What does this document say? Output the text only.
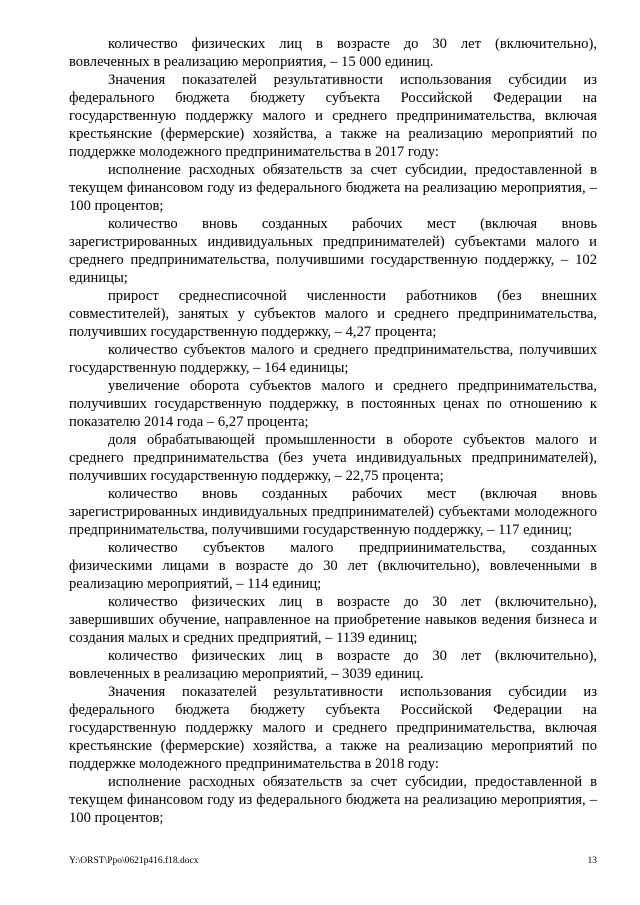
количество физических лиц в возрасте до 30 лет (включительно), вовлеченных в реализацию мероприятия, – 15 000 единиц.

Значения показателей результативности использования субсидии из федерального бюджета бюджету субъекта Российской Федерации на государственную поддержку малого и среднего предпринимательства, включая крестьянские (фермерские) хозяйства, а также на реализацию мероприятий по поддержке молодежного предпринимательства в 2017 году:

исполнение расходных обязательств за счет субсидии, предоставленной в текущем финансовом году из федерального бюджета на реализацию мероприятия, – 100 процентов;

количество вновь созданных рабочих мест (включая вновь зарегистрированных индивидуальных предпринимателей) субъектами малого и среднего предпринимательства, получившими государственную поддержку, – 102 единицы;

прирост среднесписочной численности работников (без внешних совместителей), занятых у субъектов малого и среднего предпринимательства, получивших государственную поддержку, – 4,27 процента;

количество субъектов малого и среднего предпринимательства, получивших государственную поддержку, – 164 единицы;

увеличение оборота субъектов малого и среднего предпринимательства, получивших государственную поддержку, в постоянных ценах по отношению к показателю 2014 года – 6,27 процента;

доля обрабатывающей промышленности в обороте субъектов малого и среднего предпринимательства (без учета индивидуальных предпринимателей), получивших государственную поддержку, – 22,75 процента;

количество вновь созданных рабочих мест (включая вновь зарегистрированных индивидуальных предпринимателей) субъектами молодежного предпринимательства, получившими государственную поддержку, – 117 единиц;

количество субъектов малого предприинимательства, созданных физическими лицами в возрасте до 30 лет (включительно), вовлеченными в реализацию мероприятий, – 114 единиц;

количество физических лиц в возрасте до 30 лет (включительно), завершивших обучение, направленное на приобретение навыков ведения бизнеса и создания малых и средних предприятий, – 1139 единиц;

количество физических лиц в возрасте до 30 лет (включительно), вовлеченных в реализацию мероприятий, – 3039 единиц.

Значения показателей результативности использования субсидии из федерального бюджета бюджету субъекта Российской Федерации на государственную поддержку малого и среднего предпринимательства, включая крестьянские (фермерские) хозяйства, а также на реализацию мероприятий по поддержке молодежного предпринимательства в 2018 году:

исполнение расходных обязательств за счет субсидии, предоставленной в текущем финансовом году из федерального бюджета на реализацию мероприятия, – 100 процентов;

Y:\ORST\Ppo\0621p416.f18.docx	13
